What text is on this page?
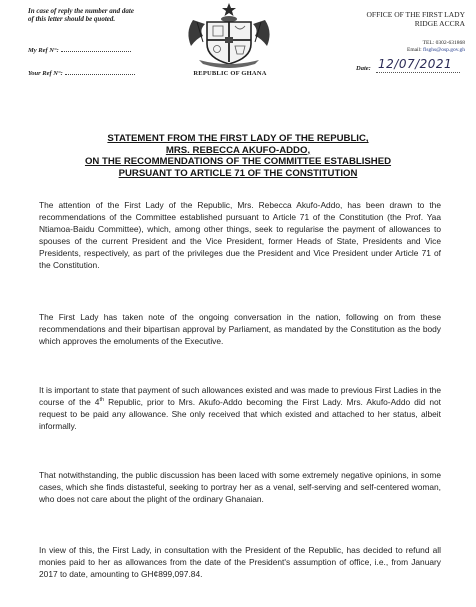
In case of reply the number and date of this letter should be quoted.
My Ref N°:
Your Ref N°:	REPUBLIC OF GHANA
OFFICE OF THE FIRST LADY
RIDGE ACCRA
TEL: 0302-631868
Email: flsghs@osp.gov.gh
Date: 12/07/2021
STATEMENT FROM THE FIRST LADY OF THE REPUBLIC,
MRS. REBECCA AKUFO-ADDO,
ON THE RECOMMENDATIONS OF THE COMMITTEE ESTABLISHED
PURSUANT TO ARTICLE 71 OF THE CONSTITUTION
The attention of the First Lady of the Republic, Mrs. Rebecca Akufo-Addo, has been drawn to the recommendations of the Committee established pursuant to Article 71 of the Constitution (the Prof. Yaa Ntiamoa-Baidu Committee), which, among other things, seek to regularise the payment of allowances to spouses of the current President and the Vice President, former Heads of State, Presidents and Vice Presidents, respectively, as part of the privileges due the President and Vice President under Article 71 of the Constitution.
The First Lady has taken note of the ongoing conversation in the nation, following on from these recommendations and their bipartisan approval by Parliament, as mandated by the Constitution as the body which approves the emoluments of the Executive.
It is important to state that payment of such allowances existed and was made to previous First Ladies in the course of the 4th Republic, prior to Mrs. Akufo-Addo becoming the First Lady. Mrs. Akufo-Addo did not request to be paid any allowance. She only received that which existed and attached to her status, albeit informally.
That notwithstanding, the public discussion has been laced with some extremely negative opinions, in some cases, which she finds distasteful, seeking to portray her as a venal, self-serving and self-centered woman, who does not care about the plight of the ordinary Ghanaian.
In view of this, the First Lady, in consultation with the President of the Republic, has decided to refund all monies paid to her as allowances from the date of the President's assumption of office, i.e., from January 2017 to date, amounting to GH¢899,097.84.
